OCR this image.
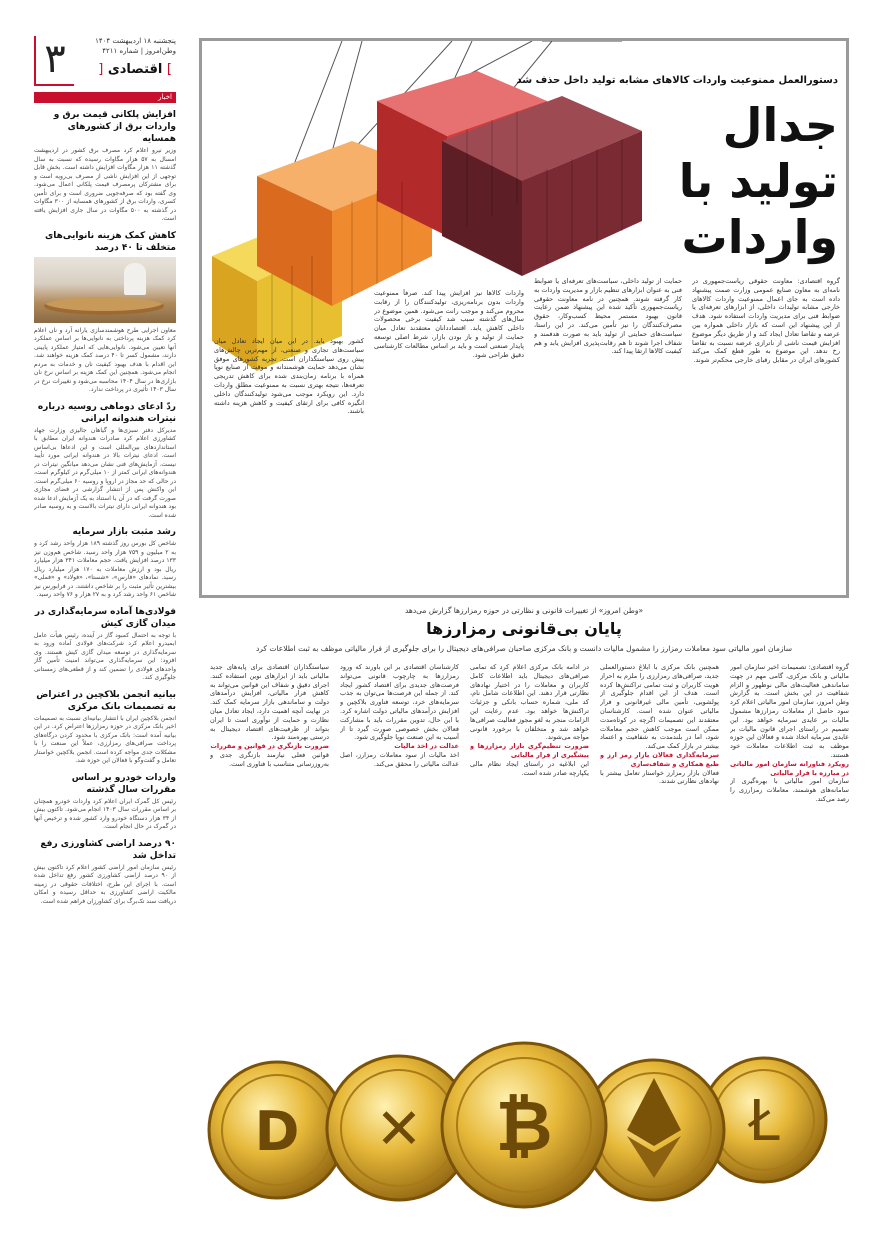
۳	پنجشنبه ۱۸ اردیبهشت ۱۴۰۴
وطن‌امروز | شماره ۴۲۱۱
] اقتصادی [
اخبار
افزایش پلکانی قیمت برق و واردات برق از کشورهای همسایه

وزیر نیرو اعلام کرد مصرف برق کشور در اردیبهشت امسال به ۵۷ هزار مگاوات رسیده که نسبت به سال گذشته ۱۱ هزار مگاوات افزایش داشته است. بخش قابل توجهی از این افزایش ناشی از مصرف بی‌رویه است و برای مشترکان پرمصرف قیمت پلکانی اعمال می‌شود. وی گفته بود که صرفه‌جویی ضروری است و برای تأمین کسری، واردات برق از کشورهای همسایه از ۳۰۰ مگاوات در گذشته به ۵۰۰ مگاوات در سال جاری افزایش یافته است.

کاهش کمک هزینه نانوایی‌های متخلف تا ۴۰ درصد

معاون اجرایی طرح هوشمندسازی یارانه آرد و نان اعلام کرد کمک هزینه پرداختی به نانوایی‌ها بر اساس عملکرد آنها تعیین می‌شود. نانوایی‌هایی که امتیاز عملکرد پایینی دارند، مشمول کسر تا ۴۰ درصد کمک هزینه خواهند شد. این اقدام با هدف بهبود کیفیت نان و خدمات به مردم انجام می‌شود. همچنین این کمک هزینه بر اساس نرخ نان بازاری‌ها در سال ۱۴۰۴ محاسبه می‌شود و تغییرات نرخ در سال ۱۴۰۳ تأثیری در پرداخت ندارد.

ردّ ادعای دوماهی روسیه درباره نیترات هندوانه ایرانی

مدیرکل دفتر سبزی‌ها و گیاهان جالیزی وزارت جهاد کشاورزی اعلام کرد صادرات هندوانه ایران مطابق با استانداردهای بین‌المللی است و این ادعاها بی‌اساس است. ادعای نیترات بالا در هندوانه ایرانی مورد تأیید نیست. آزمایش‌های فنی نشان می‌دهد میانگین نیترات در هندوانه‌های ایرانی کمتر از ۱۰ میلی‌گرم در کیلوگرم است، در حالی که حد مجاز در اروپا و روسیه ۶۰ میلی‌گرم است. این واکنش پس از انتشار گزارشی در فضای مجازی صورت گرفت که در آن با استناد به یک آزمایش ادعا شده بود هندوانه ایرانی دارای نیترات بالاست و به روسیه صادر شده است.

رشد مثبت بازار سرمایه

شاخص کل بورس روز گذشته ۱۸۹ هزار واحد رشد کرد و به ۲ میلیون و ۷۵۹ هزار واحد رسید. شاخص هم‌وزن نیز ۱۳۳ درصد افزایش یافت. حجم معاملات ۳۴۱ هزار میلیارد ریال بود و ارزش معاملات به ۱۷۰ هزار میلیارد ریال رسید. نمادهای «فارس»، «شستا»، «فولاد» و «فملی» بیشترین تأثیر مثبت را بر شاخص داشتند. در فرابورس نیز شاخص ۶۱ واحد رشد کرد و به ۲۷ هزار و ۷۶ واحد رسید.

فولادی‌ها آماده سرمایه‌گذاری در میدان گازی کیش

با توجه به احتمال کمبود گاز در آینده، رئیس هیأت عامل ایمیدرو اعلام کرد شرکت‌های فولادی آماده ورود به سرمایه‌گذاری در توسعه میدان گازی کیش هستند. وی افزود: این سرمایه‌گذاری می‌تواند امنیت تأمین گاز واحدهای فولادی را تضمین کند و از قطعی‌های زمستانی جلوگیری کند.

بیانیه انجمن بلاکچین در اعتراض به تصمیمات بانک مرکزی

انجمن بلاکچین ایران با انتشار بیانیه‌ای نسبت به تصمیمات اخیر بانک مرکزی در حوزه رمزارزها اعتراض کرد. در این بیانیه آمده است: بانک مرکزی با محدود کردن درگاه‌های پرداخت صرافی‌های رمزارزی، عملاً این صنعت را با مشکلات جدی مواجه کرده است. انجمن بلاکچین خواستار تعامل و گفت‌وگو با فعالان این حوزه شد.

واردات خودرو بر اساس مقررات سال گذشته

رئیس کل گمرک ایران اعلام کرد واردات خودرو همچنان بر اساس مقررات سال ۱۴۰۳ انجام می‌شود. تاکنون بیش از ۳۴ هزار دستگاه خودرو وارد کشور شده و ترخیص آنها در گمرک در حال انجام است.

۹۰ درصد اراضی کشاورزی رفع تداخل شد

رئیس سازمان امور اراضی کشور اعلام کرد تاکنون بیش از ۹۰ درصد اراضی کشاورزی کشور رفع تداخل شده است. با اجرای این طرح، اختلافات حقوقی در زمینه مالکیت اراضی کشاورزی به حداقل رسیده و امکان دریافت سند تک‌برگ برای کشاورزان فراهم شده است.

دستورالعمل ممنوعیت واردات کالاهای مشابه تولید داخل حذف شد
جدال تولید با واردات
گروه اقتصادی: معاونت حقوقی ریاست‌جمهوری در نامه‌ای به معاون صنایع عمومی وزارت صمت پیشنهاد داده است به جای اعمال ممنوعیت واردات کالاهای خارجی مشابه تولیدات داخلی، از ابزارهای تعرفه‌ای یا ضوابط فنی برای مدیریت واردات استفاده شود. هدف از این پیشنهاد این است که بازار داخلی همواره بین عرضه و تقاضا تعادل ایجاد کند و از طریق دیگر موضوع افزایش قیمت ناشی از ناترازی عرضه نسبت به تقاضا رخ ندهد. این موضوع به طور قطع کمک می‌کند کشورهای ایران در مقابل رقبای خارجی محکم‌تر شوند.
حمایت از تولید داخلی، سیاست‌های تعرفه‌ای یا ضوابط فنی به عنوان ابزارهای تنظیم بازار و مدیریت واردات به کار گرفته شوند. همچنین در نامه معاونت حقوقی ریاست‌جمهوری تأکید شده این پیشنهاد ضمن رعایت قانون بهبود مستمر محیط کسب‌وکار، حقوق مصرف‌کنندگان را نیز تأمین می‌کند. در این راستا، سیاست‌های حمایتی از تولید باید به صورت هدفمند و شفاف اجرا شوند تا هم رقابت‌پذیری افزایش یابد و هم کیفیت کالاها ارتقا پیدا کند.
واردات کالاها نیز افزایش پیدا کند. صرفاً ممنوعیت واردات بدون برنامه‌ریزی، تولیدکنندگان را از رقابت محروم می‌کند و موجب رانت می‌شود. همین موضوع در سال‌های گذشته سبب شد کیفیت برخی محصولات داخلی کاهش یابد. اقتصاددانان معتقدند تعادل میان حمایت از تولید و باز بودن بازار، شرط اصلی توسعه پایدار صنعتی است و باید بر اساس مطالعات کارشناسی دقیق طراحی شود.
کشور بهبود یابد. در این میان ایجاد تعادل میان سیاست‌های تجاری و صنعتی، از مهم‌ترین چالش‌های پیش روی سیاستگذاران است. تجربه کشورهای موفق نشان می‌دهد حمایت هوشمندانه و موقت از صنایع نوپا همراه با برنامه زمان‌بندی شده برای کاهش تدریجی تعرفه‌ها، نتیجه بهتری نسبت به ممنوعیت مطلق واردات دارد. این رویکرد موجب می‌شود تولیدکنندگان داخلی انگیزه کافی برای ارتقای کیفیت و کاهش هزینه داشته باشند.
«وطن امروز» از تغییرات قانونی و نظارتی در حوزه رمزارزها گزارش می‌دهد
پایان بی‌قانونی رمزارزها
سازمان امور مالیاتی سود معاملات رمزارز را مشمول مالیات دانست و بانک مرکزی صاحبان صرافی‌های دیجیتال را برای جلوگیری از فرار مالیاتی موظف به ثبت اطلاعات کرد
گروه اقتصادی: تصمیمات اخیر سازمان امور مالیاتی و بانک مرکزی، گامی مهم در جهت ساماندهی فعالیت‌های مالی نوظهور و الزام شفافیت در این بخش است. به گزارش وطن امروز، سازمان امور مالیاتی اعلام کرد سود حاصل از معاملات رمزارزها مشمول مالیات بر عایدی سرمایه خواهد بود. این تصمیم در راستای اجرای قانون مالیات بر عایدی سرمایه اتخاذ شده و فعالان این حوزه موظف به ثبت اطلاعات معاملات خود هستند.
رویکرد فناورانه سازمان امور مالیاتی در مبارزه با فرار مالیاتی
سازمان امور مالیاتی با بهره‌گیری از سامانه‌های هوشمند، معاملات رمزارزی را رصد می‌کند.
همچنین بانک مرکزی با ابلاغ دستورالعملی جدید، صرافی‌های رمزارزی را ملزم به احراز هویت کاربران و ثبت تمامی تراکنش‌ها کرده است. هدف از این اقدام جلوگیری از پولشویی، تأمین مالی غیرقانونی و فرار مالیاتی عنوان شده است. کارشناسان معتقدند این تصمیمات اگرچه در کوتاه‌مدت ممکن است موجب کاهش حجم معاملات شود، اما در بلندمدت به شفافیت و اعتماد بیشتر در بازار کمک می‌کند.
سرمایه‌گذاری فعالان بازار رمز ارز و طبع همکاری و شفاف‌سازی
فعالان بازار رمزارز خواستار تعامل بیشتر با نهادهای نظارتی شدند.
در ادامه بانک مرکزی اعلام کرد که تمامی صرافی‌های دیجیتال باید اطلاعات کامل کاربران و معاملات را در اختیار نهادهای نظارتی قرار دهند. این اطلاعات شامل نام، کد ملی، شماره حساب بانکی و جزئیات تراکنش‌ها خواهد بود. عدم رعایت این الزامات منجر به لغو مجوز فعالیت صرافی‌ها خواهد شد و متخلفان با برخورد قانونی مواجه می‌شوند.
ضرورت تنظیم‌گری بازار رمزارزها و پیشگیری از فرار مالیاتی
این ابلاغیه در راستای ایجاد نظام مالی یکپارچه صادر شده است.
کارشناسان اقتصادی بر این باورند که ورود رمزارزها به چارچوب قانونی می‌تواند فرصت‌های جدیدی برای اقتصاد کشور ایجاد کند. از جمله این فرصت‌ها می‌توان به جذب سرمایه‌های خرد، توسعه فناوری بلاکچین و افزایش درآمدهای مالیاتی دولت اشاره کرد. با این حال، تدوین مقررات باید با مشارکت فعالان بخش خصوصی صورت گیرد تا از آسیب به این صنعت نوپا جلوگیری شود.
عدالت در اخذ مالیات
اخذ مالیات از سود معاملات رمزارز، اصل عدالت مالیاتی را محقق می‌کند.
سیاستگذاران اقتصادی برای پایه‌های جدید مالیاتی باید از ابزارهای نوین استفاده کنند. اجرای دقیق و شفاف این قوانین می‌تواند به کاهش فرار مالیاتی، افزایش درآمدهای دولت و ساماندهی بازار سرمایه کمک کند. در نهایت آنچه اهمیت دارد، ایجاد تعادل میان نظارت و حمایت از نوآوری است تا ایران بتواند از ظرفیت‌های اقتصاد دیجیتال به درستی بهره‌مند شود.
ضرورت بازنگری در قوانین و مقررات
قوانین فعلی نیازمند بازنگری جدی و به‌روزرسانی متناسب با فناوری است.
Ł
D ✕ ₿
